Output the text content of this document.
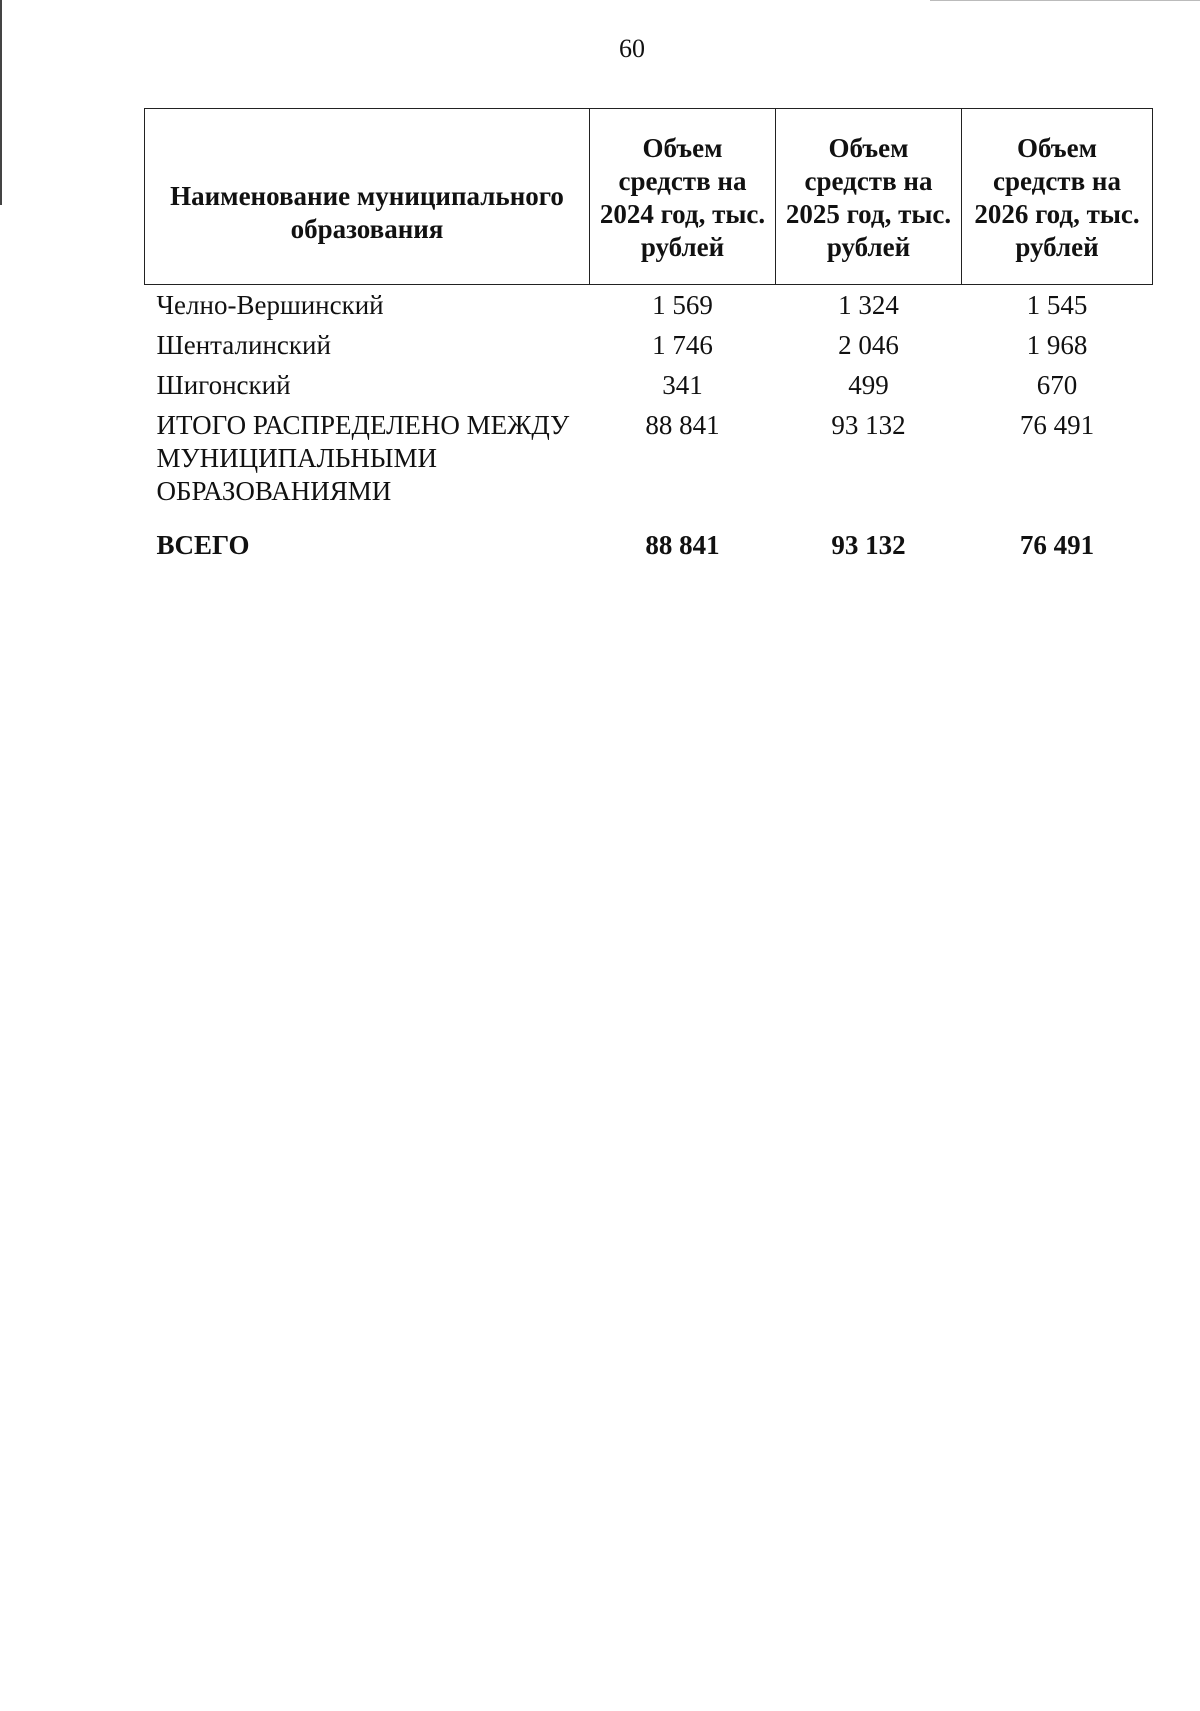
60
Наименование муниципального образования	Объем средств на 2024 год, тыс. рублей	Объем средств на 2025 год, тыс. рублей	Объем средств на 2026 год, тыс. рублей
Челно-Вершинский	1 569	1 324	1 545
Шенталинский	1 746	2 046	1 968
Шигонский	341	499	670
ИТОГО РАСПРЕДЕЛЕНО МЕЖДУ МУНИЦИПАЛЬНЫМИ ОБРАЗОВАНИЯМИ	88 841	93 132	76 491
ВСЕГО	88 841	93 132	76 491
